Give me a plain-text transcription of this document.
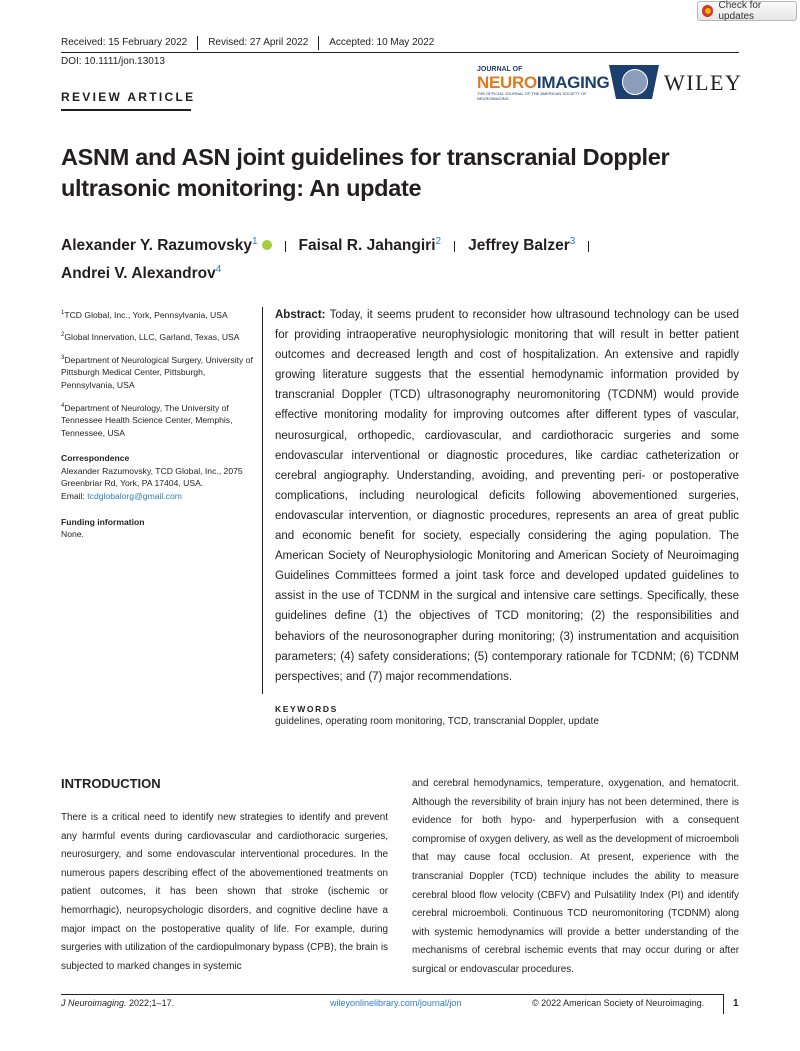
Check for updates
Received: 15 February 2022	Revised: 27 April 2022	Accepted: 10 May 2022
DOI: 10.1111/jon.13013
REVIEW ARTICLE
JOURNAL OF
NEUROIMAGING
THE OFFICIAL JOURNAL OF THE AMERICAN SOCIETY OF NEUROIMAGING
WILEY
ASNM and ASN joint guidelines for transcranial Doppler ultrasonic monitoring: An update
Alexander Y. Razumovsky$^1$	Faisal R. Jahangiri$^2$ Jeffrey Balzer$^3$
Andrei V. Alexandrov$^4$
$^1$TCD Global, Inc., York, Pennsylvania, USA
$^2$Global Innervation, LLC, Garland, Texas, USA
$^3$Department of Neurological Surgery, University of Pittsburgh Medical Center, Pittsburgh, Pennsylvania, USA
$^4$Department of Neurology, The University of Tennessee Health Science Center, Memphis, Tennessee, USA
Correspondence
Alexander Razumovsky, TCD Global, Inc., 2075 Greenbriar Rd, York, PA 17404, USA.
Email: tcdglobalorg@gmail.com
Funding information
None.
Abstract: Today, it seems prudent to reconsider how ultrasound technology can be used for providing intraoperative neurophysiologic monitoring that will result in better patient outcomes and decreased length and cost of hospitalization. An extensive and rapidly growing literature suggests that the essential hemodynamic information provided by transcranial Doppler (TCD) ultrasonography neuromonitoring (TCDNM) would provide effective monitoring modality for improving outcomes after different types of vascular, neurosurgical, orthopedic, cardiovascular, and cardiothoracic surgeries and some endovascular interventional or diagnostic procedures, like cardiac catheterization or cerebral angiography. Understanding, avoiding, and preventing peri- or postoperative complications, including neurological deficits following abovementioned surgeries, endovascular intervention, or diagnostic procedures, represents an area of great public and economic benefit for society, especially considering the aging population. The American Society of Neurophysiologic Monitoring and American Society of Neuroimaging Guidelines Committees formed a joint task force and developed updated guidelines to assist in the use of TCDNM in the surgical and intensive care settings. Specifically, these guidelines define (1) the objectives of TCD monitoring; (2) the responsibilities and behaviors of the neurosonographer during monitoring; (3) instrumentation and acquisition parameters; (4) safety considerations; (5) contemporary rationale for TCDNM; (6) TCDNM perspectives; and (7) major recommendations.
KEYWORDS
guidelines, operating room monitoring, TCD, transcranial Doppler, update
INTRODUCTION
There is a critical need to identify new strategies to identify and prevent any harmful events during cardiovascular and cardiothoracic surgeries, neurosurgery, and some endovascular interventional procedures. In the numerous papers describing effect of the abovementioned treatments on patient outcomes, it has been shown that stroke (ischemic or hemorrhagic), neuropsychologic disorders, and cognitive decline have a major impact on the postoperative quality of life. For example, during surgeries with utilization of the cardiopulmonary bypass (CPB), the brain is subjected to marked changes in systemic
and cerebral hemodynamics, temperature, oxygenation, and hematocrit. Although the reversibility of brain injury has not been determined, there is evidence for both hypo- and hyperperfusion with a consequent compromise of oxygen delivery, as well as the development of microemboli that may cause focal occlusion. At present, experience with the transcranial Doppler (TCD) technique includes the ability to measure cerebral blood flow velocity (CBFV) and Pulsatility Index (PI) and identify cerebral microemboli. Continuous TCD neuromonitoring (TCDNM) along with systemic hemodynamics will provide a better understanding of the mechanisms of cerebral ischemic events that may occur during or after surgical or endovascular procedures.
J Neuroimaging. 2022;1–17.	wileyonlinelibrary.com/journal/jon	© 2022 American Society of Neuroimaging.	1
